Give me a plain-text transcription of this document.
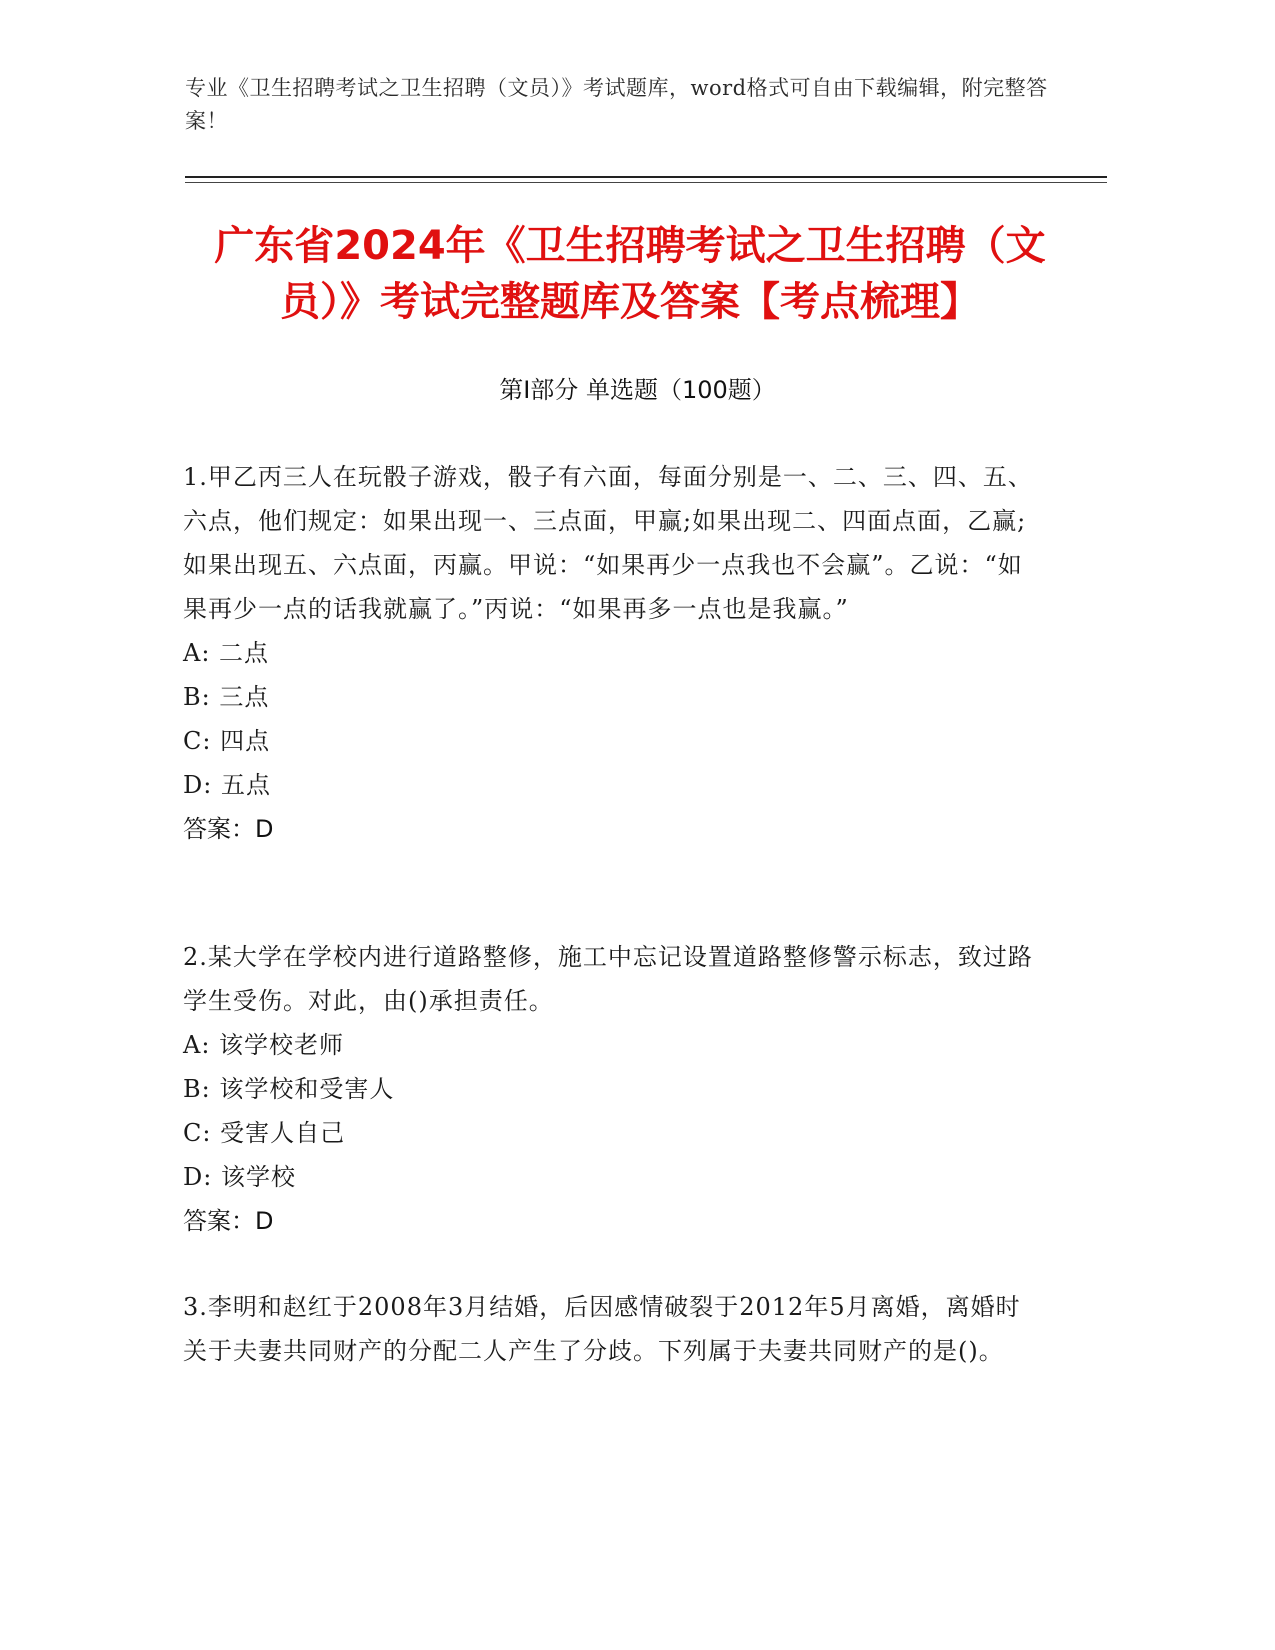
专业《卫生招聘考试之卫生招聘（文员）》考试题库，word格式可自由下载编辑，附完整答案！
广东省2024年《卫生招聘考试之卫生招聘（文员）》考试完整题库及答案【考点梳理】
第Ⅰ部分 单选题（100题）
1.甲乙丙三人在玩骰子游戏，骰子有六面，每面分别是一、二、三、四、五、六点，他们规定：如果出现一、三点面，甲赢;如果出现二、四面点面，乙赢;如果出现五、六点面，丙赢。甲说：“如果再少一点我也不会赢”。乙说：“如果再少一点的话我就赢了。”丙说：“如果再多一点也是我赢。”
A: 二点
B: 三点
C: 四点
D: 五点
答案：D
2.某大学在学校内进行道路整修，施工中忘记设置道路整修警示标志，致过路学生受伤。对此，由()承担责任。
A: 该学校老师
B: 该学校和受害人
C: 受害人自己
D: 该学校
答案：D
3.李明和赵红于2008年3月结婚，后因感情破裂于2012年5月离婚，离婚时关于夫妻共同财产的分配二人产生了分歧。下列属于夫妻共同财产的是()。
